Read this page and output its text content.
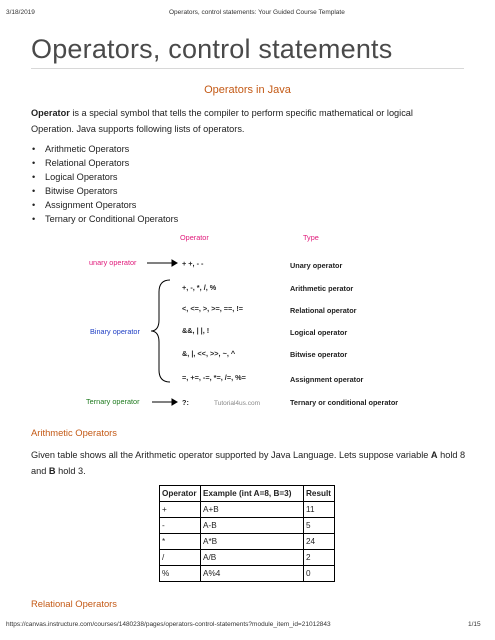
3/18/2019	Operators, control statements: Your Guided Course Template
Operators, control statements
Operators in Java
Operator is a special symbol that tells the compiler to perform specific mathematical or logical Operation. Java supports following lists of operators.
• Arithmetic Operators
• Relational Operators
• Logical Operators
• Bitwise Operators
• Assignment Operators
• Ternary or Conditional Operators
Operator	Type
unary operator
Binary operator
Ternary operator
+ +, - -
+, -, *, /, %
<, <=, >, >=, ==, !=
&&, | |, !
&, |, <<, >>, ~, ^
=, +=, -=, *=, /=, %=
?:	Tutorial4us.com
Unary operator
Arithmetic perator
Relational operator
Logical operator
Bitwise operator
Assignment operator
Ternary or conditional operator
Arithmetic Operators
Given table shows all the Arithmetic operator supported by Java Language. Lets suppose variable A hold 8 and B hold 3.
Operator	Example (int A=8, B=3)	Result
+	A+B	11
-	A-B	5
*	A*B	24
/	A/B	2
%	A%4	0
Relational Operators
https://canvas.instructure.com/courses/1480238/pages/operators-control-statements?module_item_id=21012843	1/15
